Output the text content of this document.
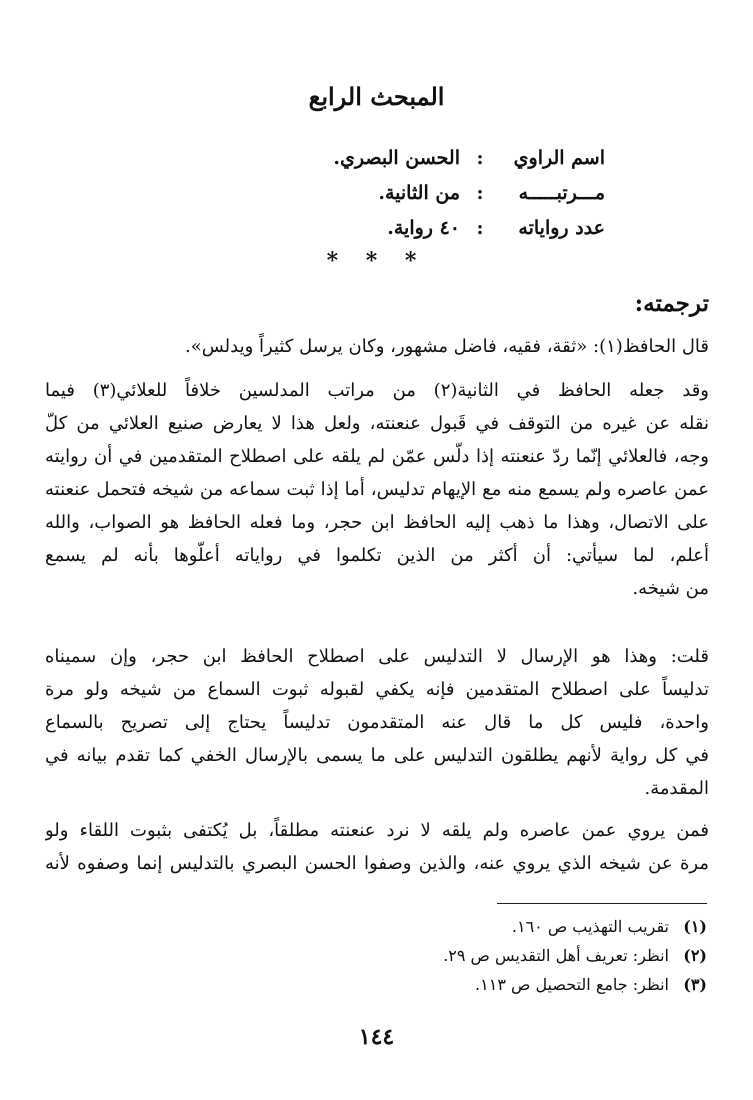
المبحث الرابع
اسم الراوي
:
الحسن البصري.
مـــرتبـــــه
:
من الثانية.
عدد رواياته
:
٤٠ رواية.
* * *
ترجمته:
قال الحافظ(١): «ثقة، فقيه، فاضل مشهور، وكان يرسل كثيراً ويدلس».
وقد جعله الحافظ في الثانية(٢) من مراتب المدلسين خلافاً للعلائي(٣) فيما
نقله عن غيره من التوقف في قَبول عنعنته، ولعل هذا لا يعارض صنيع العلائي من كلّ
وجه، فالعلائي إنّما ردّ عنعنته إذا دلّس عمّن لم يلقه على اصطلاح المتقدمين في أن روايته
عمن عاصره ولم يسمع منه مع الإيهام تدليس، أما إذا ثبت سماعه من شيخه فتحمل عنعنته
على الاتصال، وهذا ما ذهب إليه الحافظ ابن حجر، وما فعله الحافظ هو الصواب، والله
أعلم، لما سيأتي: أن أكثر من الذين تكلموا في رواياته أعلّوها بأنه لم يسمع
من شيخه.
قلت: وهذا هو الإرسال لا التدليس على اصطلاح الحافظ ابن حجر، وإن سميناه
تدليساً على اصطلاح المتقدمين فإنه يكفي لقبوله ثبوت السماع من شيخه ولو مرة
واحدة، فليس كل ما قال عنه المتقدمون تدليساً يحتاج إلى تصريح بالسماع
في كل رواية لأنهم يطلقون التدليس على ما يسمى بالإرسال الخفي كما تقدم بيانه في
المقدمة.
فمن يروي عمن عاصره ولم يلقه لا نرد عنعنته مطلقاً، بل يُكتفى بثبوت اللقاء ولو
مرة عن شيخه الذي يروي عنه، والذين وصفوا الحسن البصري بالتدليس إنما وصفوه لأنه
(١)
تقريب التهذيب ص ١٦٠.
(٢)
انظر: تعريف أهل التقديس ص ٢٩.
(٣)
انظر: جامع التحصيل ص ١١٣.
١٤٤
